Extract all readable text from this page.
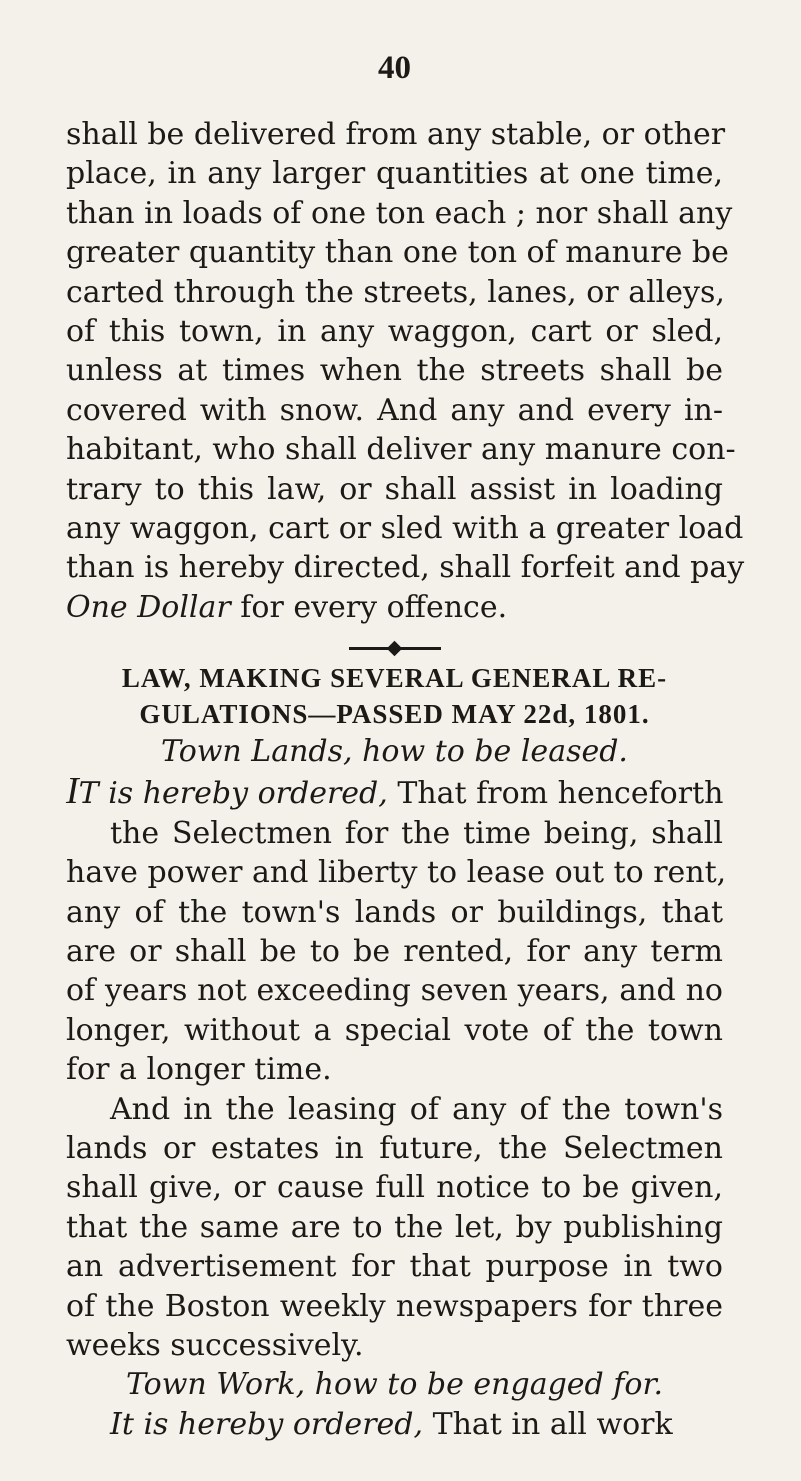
40
shall be delivered from any stable, or other
place, in any larger quantities at one time,
than in loads of one ton each ; nor shall any
greater quantity than one ton of manure be
carted through the streets, lanes, or alleys,
of this town, in any waggon, cart or sled,
unless at times when the streets shall be
covered with snow. And any and every in-
habitant, who shall deliver any manure con-
trary to this law, or shall assist in loading
any waggon, cart or sled with a greater load
than is hereby directed, shall forfeit and pay
One Dollar for every offence.
LAW, MAKING SEVERAL GENERAL RE-
GULATIONS—PASSED MAY 22d, 1801.
Town Lands, how to be leased.
IT is hereby ordered, That from henceforth
the Selectmen for the time being, shall
have power and liberty to lease out to rent,
any of the town's lands or buildings, that
are or shall be to be rented, for any term
of years not exceeding seven years, and no
longer, without a special vote of the town
for a longer time.
And in the leasing of any of the town's
lands or estates in future, the Selectmen
shall give, or cause full notice to be given,
that the same are to the let, by publishing
an advertisement for that purpose in two
of the Boston weekly newspapers for three
weeks successively.
Town Work, how to be engaged for.
It is hereby ordered, That in all work
